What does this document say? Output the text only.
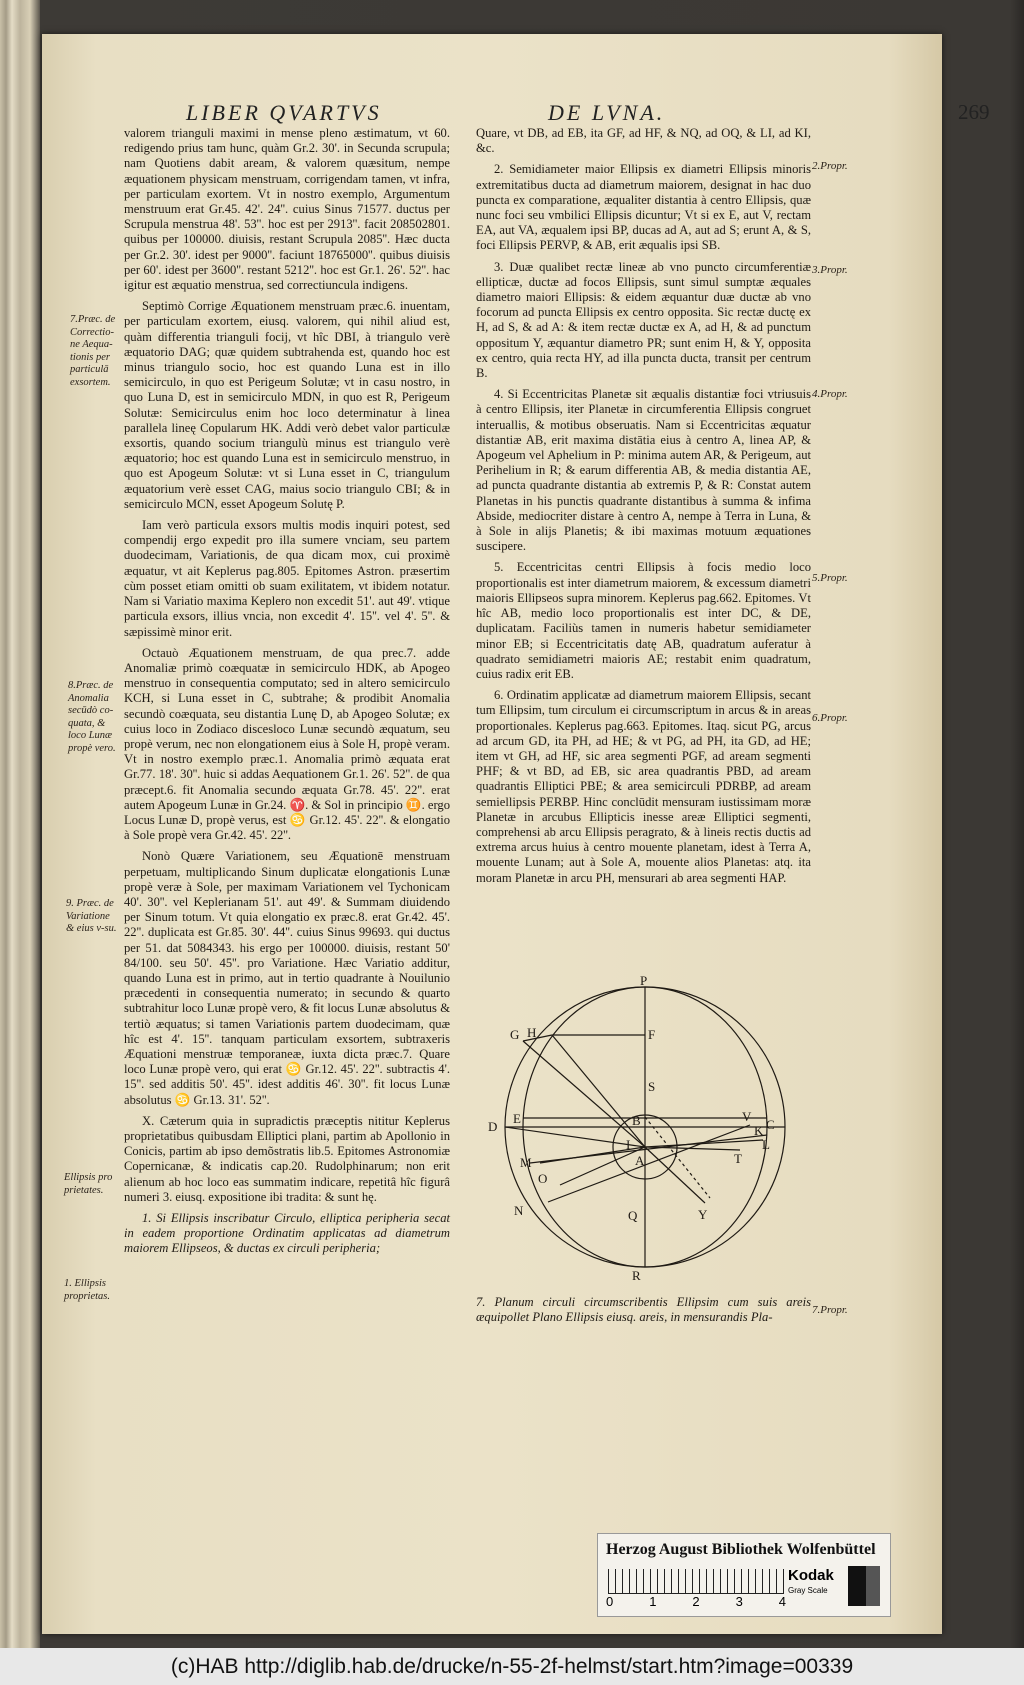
LIBER QVARTVS	DE LVNA.	269
7.Præc. de Correctio-ne Aequa-tionis per particulā exsortem.
8.Præc. de Anomalia secūdò co-quata, & loco Lunæ propè vero.
9. Præc. de Variatione & eius v-su.
Ellipsis pro prietates.
1. Ellipsis proprietas.

valorem trianguli maximi in mense pleno æstimatum, vt 60. redigendo prius tam hunc, quàm Gr.2. 30'. in Secunda scrupula; nam Quotiens dabit aream, & valorem quæsitum, nempe æquationem physicam menstruam, corrigendam tamen, vt infra, per particulam exortem. Vt in nostro exemplo, Argumentum menstruum erat Gr.45. 42'. 24''. cuius Sinus 71577. ductus per Scrupula menstrua 48'. 53''. hoc est per 2913''. facit 208502801. quibus per 100000. diuisis, restant Scrupula 2085''. Hæc ducta per Gr.2. 30'. idest per 9000''. faciunt 18765000''. quibus diuisis per 60'. idest per 3600''. restant 5212''. hoc est Gr.1. 26'. 52''. hac igitur est æquatio menstrua, sed correctiuncula indigens.

Septimò Corrige Æquationem menstruam præc.6. inuentam, per particulam exortem, eiusq. valorem, qui nihil aliud est, quàm differentia trianguli focij, vt hîc DBI, à triangulo verè æquatorio DAG; quæ quidem subtrahenda est, quando hoc est minus triangulo socio, hoc est quando Luna est in illo semicirculo, in quo est Perigeum Solutæ; vt in casu nostro, in quo Luna D, est in semicirculo MDN, in quo est R, Perigeum Solutæ: Semicirculus enim hoc loco determinatur à linea parallela lineę Copularum HK. Addi verò debet valor particulæ exsortis, quando socium triangulù minus est triangulo verè æquatorio; hoc est quando Luna est in semicirculo menstruo, in quo est Apogeum Solutæ: vt si Luna esset in C, triangulum æquatorium verè esset CAG, maius socio triangulo CBI; & in semicirculo MCN, esset Apogeum Solutę P.

Iam verò particula exsors multis modis inquiri potest, sed compendij ergo expedit pro illa sumere vnciam, seu partem duodecimam, Variationis, de qua dicam mox, cui proximè æquatur, vt ait Keplerus pag.805. Epitomes Astron. præsertim cùm posset etiam omitti ob suam exilitatem, vt ibidem notatur. Nam si Variatio maxima Keplero non excedit 51'. aut 49'. vtique particula exsors, illius vncia, non excedit 4'. 15''. vel 4'. 5''. & sæpissimè minor erit.

Octauò Æquationem menstruam, de qua prec.7. adde Anomaliæ primò coæquatæ in semicirculo HDK, ab Apogeo menstruo in consequentia computato; sed in altero semicirculo KCH, si Luna esset in C, subtrahe; & prodibit Anomalia secundò coæquata, seu distantia Lunę D, ab Apogeo Solutæ; ex cuius loco in Zodiaco discesloco Lunæ secundò æquatum, seu propè verum, nec non elongationem eius à Sole H, propè veram. Vt in nostro exemplo præc.1. Anomalia primò æquata erat Gr.77. 18'. 30''. huic si addas Aequationem Gr.1. 26'. 52''. de qua præcept.6. fit Anomalia secundo æquata Gr.78. 45'. 22''. erat autem Apogeum Lunæ in Gr.24. ♈. & Sol in principio ♊. ergo Locus Lunæ D, propè verus, est ♋ Gr.12. 45'. 22''. & elongatio à Sole propè vera Gr.42. 45'. 22''.

Nonò Quære Variationem, seu Æquationē menstruam perpetuam, multiplicando Sinum duplicatæ elongationis Lunæ propè veræ à Sole, per maximam Variationem vel Tychonicam 40'. 30''. vel Keplerianam 51'. aut 49'. & Summam diuidendo per Sinum totum. Vt quia elongatio ex præc.8. erat Gr.42. 45'. 22''. duplicata est Gr.85. 30'. 44''. cuius Sinus 99693. qui ductus per 51. dat 5084343. his ergo per 100000. diuisis, restant 50' 84/100. seu 50'. 45''. pro Variatione. Hæc Variatio additur, quando Luna est in primo, aut in tertio quadrante à Nouilunio præcedenti in consequentia numerato; in secundo & quarto subtrahitur loco Lunæ propè vero, & fit locus Lunæ absolutus & tertiò æquatus; si tamen Variationis partem duodecimam, quæ hîc est 4'. 15''. tanquam particulam exsortem, subtraxeris Æquationi menstruæ temporaneæ, iuxta dicta præc.7. Quare loco Lunæ propè vero, qui erat ♋ Gr.12. 45'. 22''. subtractis 4'. 15''. sed additis 50'. 45''. idest additis 46'. 30''. fit locus Lunæ absolutus ♋ Gr.13. 31'. 52''.

X. Cæterum quia in supradictis præceptis nititur Keplerus proprietatibus quibusdam Elliptici plani, partim ab Apollonio in Conicis, partim ab ipso demõstratis lib.5. Epitomes Astronomiæ Copernicanæ, & indicatis cap.20. Rudolphinarum; non erit alienum ab hoc loco eas summatim indicare, repetitâ hîc figurâ numeri 3. eiusq. expositione ibi tradita: & sunt hę.

1. Si Ellipsis inscribatur Circulo, elliptica peripheria secat in eadem proportione Ordinatim applicatas ad diametrum maiorem Ellipseos, & ductas ex circuli peripheria;

Quare, vt DB, ad EB, ita GF, ad HF, & NQ, ad OQ, & LI, ad KI, &c.

2. Semidiameter maior Ellipsis ex diametri Ellipsis minoris extremitatibus ducta ad diametrum maiorem, designat in hac duo puncta ex comparatione, æqualiter distantia à centro Ellipsis, quæ nunc foci seu vmbilici Ellipsis dicuntur; Vt si ex E, aut V, rectam EA, aut VA, æqualem ipsi BP, ducas ad A, aut ad S; erunt A, & S, foci Ellipsis PERVP, & AB, erit æqualis ipsi SB.

3. Duæ qualibet rectæ lineæ ab vno puncto circumferentiæ ellipticæ, ductæ ad focos Ellipsis, sunt simul sumptæ æquales diametro maiori Ellipsis: & eidem æquantur duæ ductæ ab vno focorum ad puncta Ellipsis ex centro opposita. Sic rectæ ductę ex H, ad S, & ad A: & item rectæ ductæ ex A, ad H, & ad punctum oppositum Y, æquantur diametro PR; sunt enim H, & Y, opposita ex centro, quia recta HY, ad illa puncta ducta, transit per centrum B.

4. Si Eccentricitas Planetæ sit æqualis distantiæ foci vtriusuis à centro Ellipsis, iter Planetæ in circumferentia Ellipsis congruet interuallis, & motibus obseruatis. Nam si Eccentricitas æquatur distantiæ AB, erit maxima distātia eius à centro A, linea AP, & Apogeum vel Aphelium in P: minima autem AR, & Perigeum, aut Perihelium in R; & earum differentia AB, & media distantia AE, ad puncta quadrante distantia ab extremis P, & R: Constat autem Planetas in his punctis quadrante distantibus à summa & infima Abside, mediocriter distare à centro A, nempe à Terra in Luna, & à Sole in alijs Planetis; & ibi maximas motuum æquationes suscipere.

5. Eccentricitas centri Ellipsis à focis medio loco proportionalis est inter diametrum maiorem, & excessum diametri maioris Ellipseos supra minorem. Keplerus pag.662. Epitomes. Vt hîc AB, medio loco proportionalis est inter DC, & DE, duplicatam. Faciliùs tamen in numeris habetur semidiameter minor EB; si Eccentricitatis datę AB, quadratum auferatur à quadrato semidiametri maioris AE; restabit enim quadratum, cuius radix erit EB.

6. Ordinatim applicatæ ad diametrum maiorem Ellipsis, secant tum Ellipsim, tum circulum ei circumscriptum in arcus & in areas proportionales. Keplerus pag.663. Epitomes. Itaq. sicut PG, arcus ad arcum GD, ita PH, ad HE; & vt PG, ad PH, ita GD, ad HE; item vt GH, ad HF, sic area segmenti PGF, ad aream segmenti PHF; & vt BD, ad EB, sic area quadrantis PBD, ad aream quadrantis Elliptici PBE; & area semicirculi PDRBP, ad aream semiellipsis PERBP. Hinc conclūdit mensuram iustissimam moræ Planetæ in arcubus Ellipticis inesse areæ Elliptici segmenti, comprehensi ab arcu Ellipsis peragrato, & à lineis rectis ductis ad extrema arcus huius à centro mouente planetam, idest à Terra A, mouente Lunam; aut à Sole A, mouente alios Planetas: atq. ita moram Planetæ in arcu PH, mensurari ab area segmenti HAP.

2.Propr.
3.Propr.
4.Propr.
5.Propr.
6.Propr.
7.Propr.
P
G H	F
S
D
E	B	V
C
K
L
I
T
M	A
O
N	Q	Y
R
7. Planum circuli circumscribentis Ellipsim cum suis areis æquipollet Plano Ellipsis eiusq. areis, in mensurandis Pla-
Herzog August Bibliothek Wolfenbüttel
0	1	2	3	4
Kodak
Gray Scale
(c)HAB http://diglib.hab.de/drucke/n-55-2f-helmst/start.htm?image=00339
